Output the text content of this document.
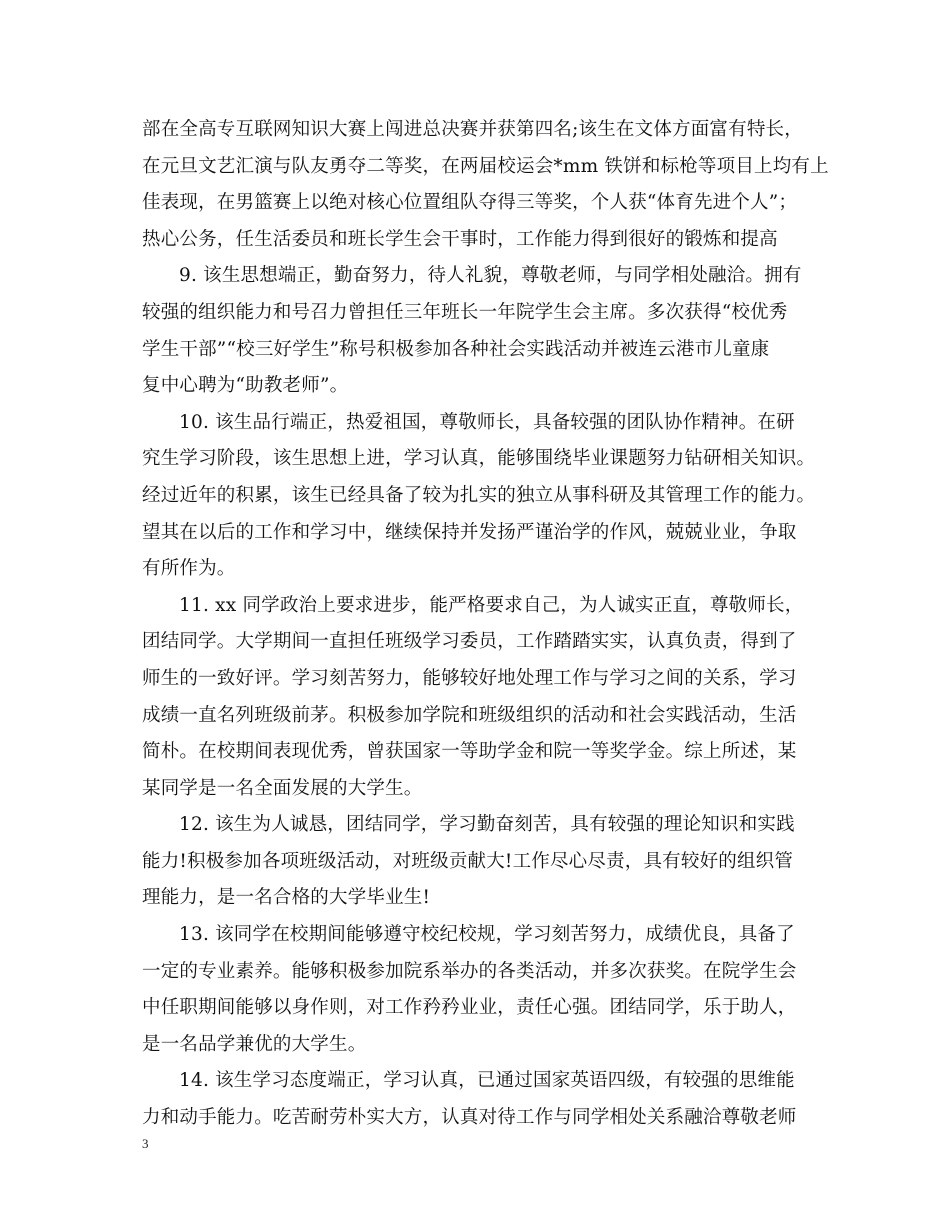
部在全高专互联网知识大赛上闯进总决赛并获第四名;该生在文体方面富有特长，
在元旦文艺汇演与队友勇夺二等奖，在两届校运会*mm 铁饼和标枪等项目上均有上
佳表现，在男篮赛上以绝对核心位置组队夺得三等奖，个人获“体育先进个人”；
热心公务，任生活委员和班长学生会干事时，工作能力得到很好的锻炼和提高
9. 该生思想端正，勤奋努力，待人礼貌，尊敬老师，与同学相处融洽。拥有
较强的组织能力和号召力曾担任三年班长一年院学生会主席。多次获得“校优秀
学生干部”“校三好学生”称号积极参加各种社会实践活动并被连云港市儿童康
复中心聘为“助教老师”。
10. 该生品行端正，热爱祖国，尊敬师长，具备较强的团队协作精神。在研
究生学习阶段，该生思想上进，学习认真，能够围绕毕业课题努力钻研相关知识。
经过近年的积累，该生已经具备了较为扎实的独立从事科研及其管理工作的能力。
望其在以后的工作和学习中，继续保持并发扬严谨治学的作风，兢兢业业，争取
有所作为。
11. xx 同学政治上要求进步，能严格要求自己，为人诚实正直，尊敬师长，
团结同学。大学期间一直担任班级学习委员，工作踏踏实实，认真负责，得到了
师生的一致好评。学习刻苦努力，能够较好地处理工作与学习之间的关系，学习
成绩一直名列班级前茅。积极参加学院和班级组织的活动和社会实践活动，生活
简朴。在校期间表现优秀，曾获国家一等助学金和院一等奖学金。综上所述，某
某同学是一名全面发展的大学生。
12. 该生为人诚恳，团结同学，学习勤奋刻苦，具有较强的理论知识和实践
能力!积极参加各项班级活动，对班级贡献大!工作尽心尽责，具有较好的组织管
理能力，是一名合格的大学毕业生!
13. 该同学在校期间能够遵守校纪校规，学习刻苦努力，成绩优良，具备了
一定的专业素养。能够积极参加院系举办的各类活动，并多次获奖。在院学生会
中任职期间能够以身作则，对工作矜矜业业，责任心强。团结同学，乐于助人，
是一名品学兼优的大学生。
14. 该生学习态度端正，学习认真，已通过国家英语四级，有较强的思维能
力和动手能力。吃苦耐劳朴实大方，认真对待工作与同学相处关系融洽尊敬老师
3
